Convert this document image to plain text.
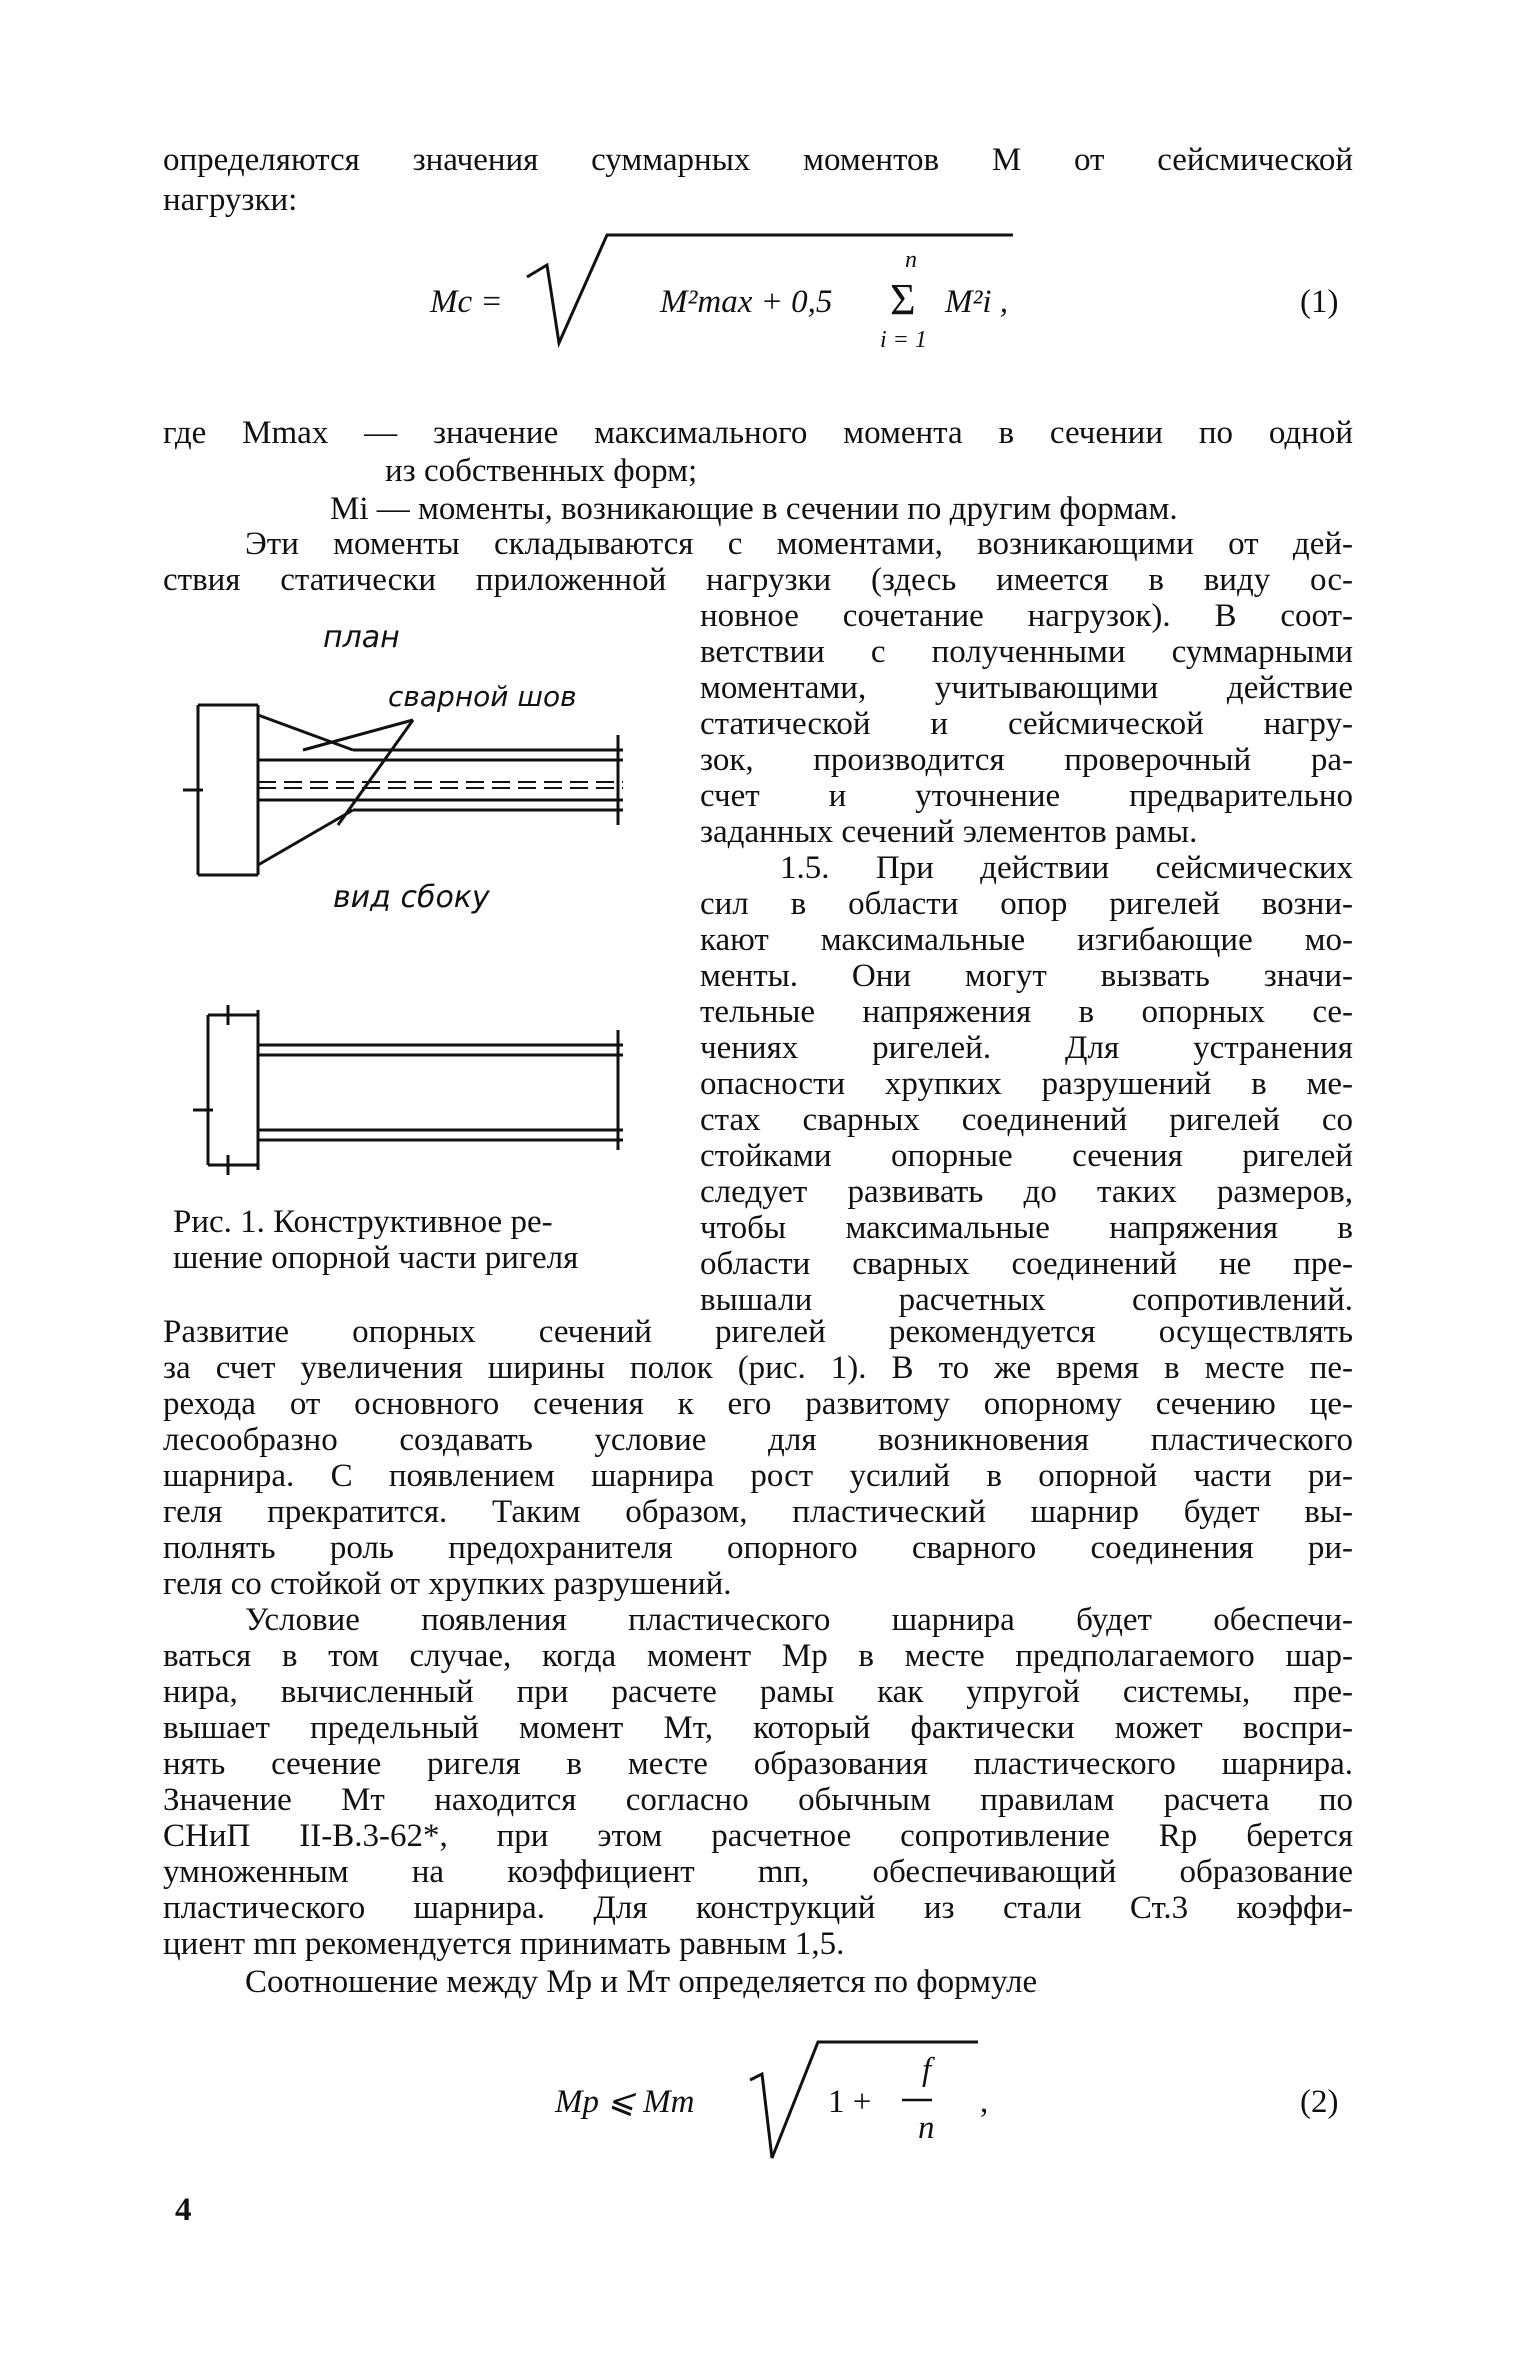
определяются значения суммарных моментов М от сейсмической
нагрузки:
Mc =	M²max + 0,5
n
Σ
i = 1
M²i ,	(1)
где Mmax — значение максимального момента в сечении по одной
из собственных форм;
Mi — моменты, возникающие в сечении по другим формам.
Эти моменты складываются с моментами, возникающими от дей-
ствия статически приложенной нагрузки (здесь имеется в виду ос-
новное сочетание нагрузок). В соот-
ветствии с полученными суммарными
моментами, учитывающими действие
статической и сейсмической нагру-
зок, производится проверочный ра-
счет и уточнение предварительно
заданных сечений элементов рамы.
1.5. При действии сейсмических
сил в области опор ригелей возни-
кают максимальные изгибающие мо-
менты. Они могут вызвать значи-
тельные напряжения в опорных се-
чениях ригелей. Для устранения
опасности хрупких разрушений в ме-
стах сварных соединений ригелей со
стойками опорные сечения ригелей
следует развивать до таких размеров,
чтобы максимальные напряжения в
области сварных соединений не пре-
вышали расчетных сопротивлений.
план
сварной шов
вид сбоку
Рис. 1. Конструктивное ре-
шение опорной части ригеля
Развитие опорных сечений ригелей рекомендуется осуществлять
за счет увеличения ширины полок (рис. 1). В то же время в месте пе-
рехода от основного сечения к его развитому опорному сечению це-
лесообразно создавать условие для возникновения пластического
шарнира. С появлением шарнира рост усилий в опорной части ри-
геля прекратится. Таким образом, пластический шарнир будет вы-
полнять роль предохранителя опорного сварного соединения ри-
геля со стойкой от хрупких разрушений.
Условие появления пластического шарнира будет обеспечи-
ваться в том случае, когда момент Mp в месте предполагаемого шар-
нира, вычисленный при расчете рамы как упругой системы, пре-
вышает предельный момент Mт, который фактически может воспри-
нять сечение ригеля в месте образования пластического шарнира.
Значение Mт находится согласно обычным правилам расчета по
СНиП II-В.3-62*, при этом расчетное сопротивление Rp берется
умноженным на коэффициент mп, обеспечивающий образование
пластического шарнира. Для конструкций из стали Ст.3 коэффи-
циент mп рекомендуется принимать равным 1,5.
Соотношение между Mp и Mт определяется по формуле
Mp ⩽ Mт	1 +
f
n
,	(2)
4
